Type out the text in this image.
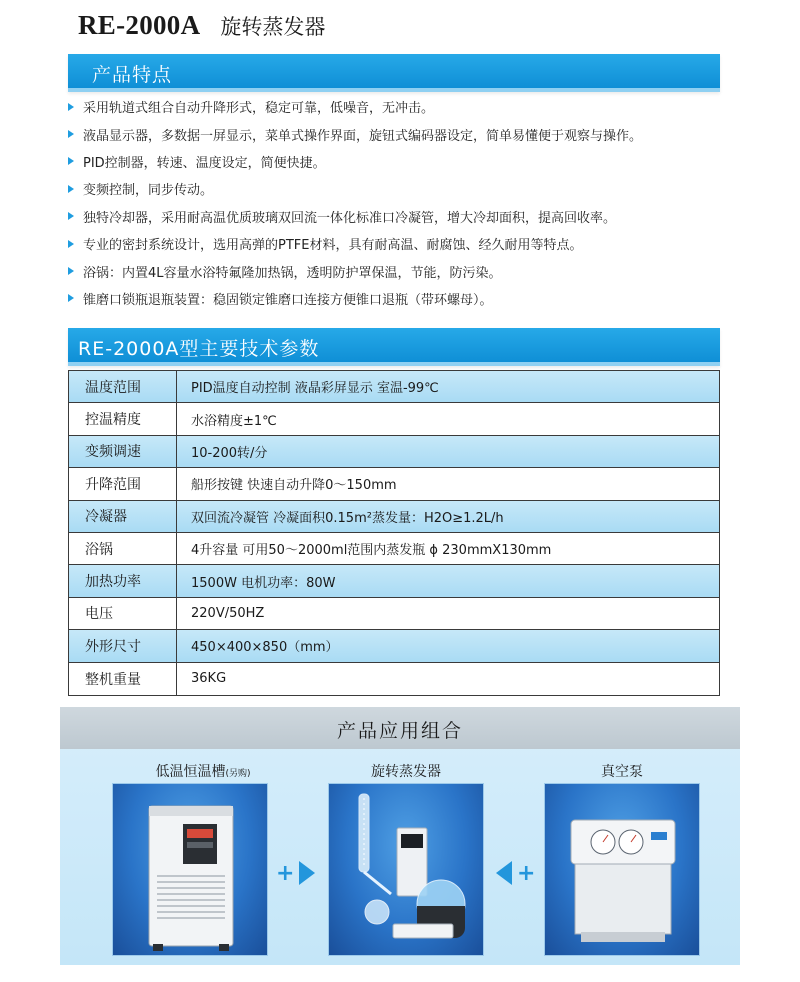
RE-2000A 旋转蒸发器
产品特点
采用轨道式组合自动升降形式，稳定可靠，低噪音，无冲击。
液晶显示器，多数据一屏显示，菜单式操作界面，旋钮式编码器设定，简单易懂便于观察与操作。
PID控制器，转速、温度设定，简便快捷。
变频控制，同步传动。
独特冷却器，采用耐高温优质玻璃双回流一体化标准口冷凝管，增大冷却面积，提高回收率。
专业的密封系统设计，选用高弹的PTFE材料，具有耐高温、耐腐蚀、经久耐用等特点。
浴锅：内置4L容量水浴特氟隆加热锅，透明防护罩保温，节能，防污染。
锥磨口锁瓶退瓶装置：稳固锁定锥磨口连接方便锥口退瓶（带环螺母）。
RE-2000A型主要技术参数
温度范围	PID温度自动控制 液晶彩屏显示 室温-99℃
控温精度	水浴精度±1℃
变频调速	10-200转/分
升降范围	船形按键 快速自动升降0～150mm
冷凝器	双回流冷凝管 冷凝面积0.15m²蒸发量：H2O≥1.2L/h
浴锅	4升容量 可用50～2000ml范围内蒸发瓶 ϕ 230mmX130mm
加热功率	1500W 电机功率：80W
电压	220V/50HZ
外形尺寸	450×400×850（mm）
整机重量	36KG
产品应用组合
低温恒温槽(另购)
+
旋转蒸发器
+
真空泵
